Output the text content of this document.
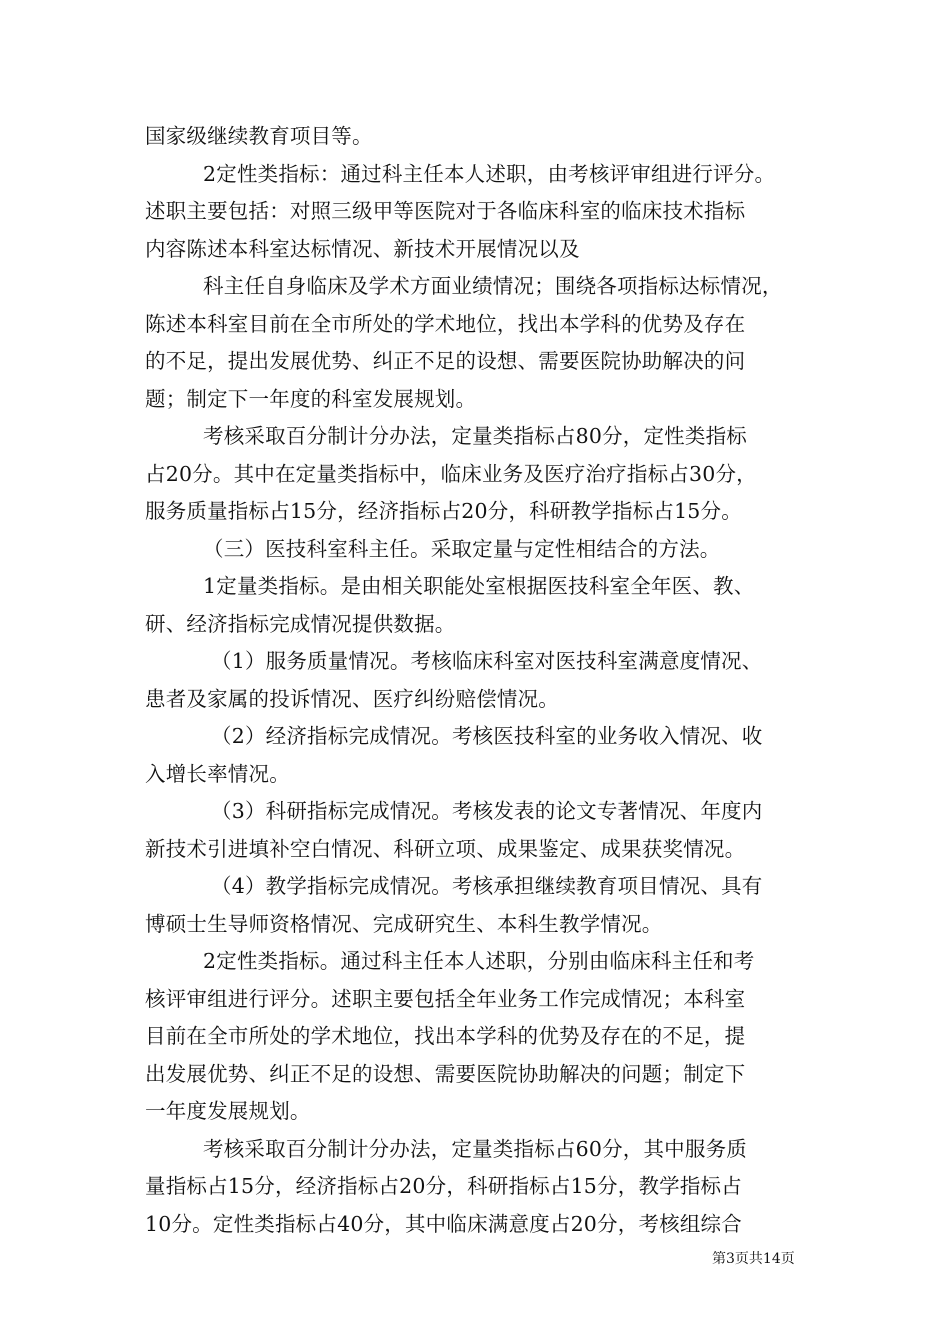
国家级继续教育项目等。
2定性类指标：通过科主任本人述职，由考核评审组进行评分。
述职主要包括：对照三级甲等医院对于各临床科室的临床技术指标
内容陈述本科室达标情况、新技术开展情况以及
科主任自身临床及学术方面业绩情况；围绕各项指标达标情况，
陈述本科室目前在全市所处的学术地位，找出本学科的优势及存在
的不足，提出发展优势、纠正不足的设想、需要医院协助解决的问
题；制定下一年度的科室发展规划。
考核采取百分制计分办法，定量类指标占80分，定性类指标
占20分。其中在定量类指标中，临床业务及医疗治疗指标占30分，
服务质量指标占15分，经济指标占20分，科研教学指标占15分。
（三）医技科室科主任。采取定量与定性相结合的方法。
1定量类指标。是由相关职能处室根据医技科室全年医、教、
研、经济指标完成情况提供数据。
（1）服务质量情况。考核临床科室对医技科室满意度情况、
患者及家属的投诉情况、医疗纠纷赔偿情况。
（2）经济指标完成情况。考核医技科室的业务收入情况、收
入增长率情况。
（3）科研指标完成情况。考核发表的论文专著情况、年度内
新技术引进填补空白情况、科研立项、成果鉴定、成果获奖情况。
（4）教学指标完成情况。考核承担继续教育项目情况、具有
博硕士生导师资格情况、完成研究生、本科生教学情况。
2定性类指标。通过科主任本人述职，分别由临床科主任和考
核评审组进行评分。述职主要包括全年业务工作完成情况；本科室
目前在全市所处的学术地位，找出本学科的优势及存在的不足，提
出发展优势、纠正不足的设想、需要医院协助解决的问题；制定下
一年度发展规划。
考核采取百分制计分办法，定量类指标占60分，其中服务质
量指标占15分，经济指标占20分，科研指标占15分，教学指标占
10分。定性类指标占40分，其中临床满意度占20分，考核组综合
第3页共14页
